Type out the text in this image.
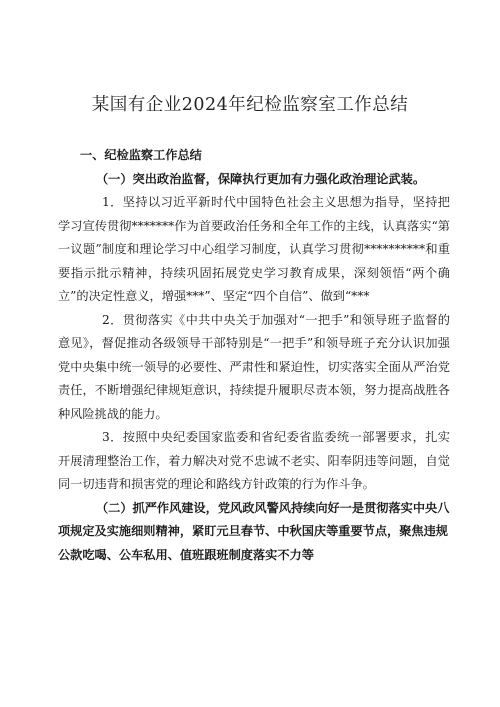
某国有企业2024年纪检监察室工作总结
一、纪检监察工作总结
（一）突出政治监督，保障执行更加有力强化政治理论武装。
1．坚持以习近平新时代中国特色社会主义思想为指导，坚持把学习宣传贯彻*******作为首要政治任务和全年工作的主线，认真落实“第一议题”制度和理论学习中心组学习制度，认真学习贯彻**********和重要指示批示精神，持续巩固拓展党史学习教育成果，深刻领悟“两个确立”的决定性意义，增强***”、坚定“四个自信”、做到“***
2．贯彻落实《中共中央关于加强对“一把手”和领导班子监督的意见》，督促推动各级领导干部特别是“一把手”和领导班子充分认识加强党中央集中统一领导的必要性、严肃性和紧迫性，切实落实全面从严治党责任，不断增强纪律规矩意识，持续提升履职尽责本领，努力提高战胜各种风险挑战的能力。
3．按照中央纪委国家监委和省纪委省监委统一部署要求，扎实开展清理整治工作，着力解决对党不忠诚不老实、阳奉阴违等问题，自觉同一切违背和损害党的理论和路线方针政策的行为作斗争。
（二）抓严作风建设，党风政风警风持续向好一是贯彻落实中央八项规定及实施细则精神，紧盯元旦春节、中秋国庆等重要节点，聚焦违规公款吃喝、公车私用、值班跟班制度落实不力等
